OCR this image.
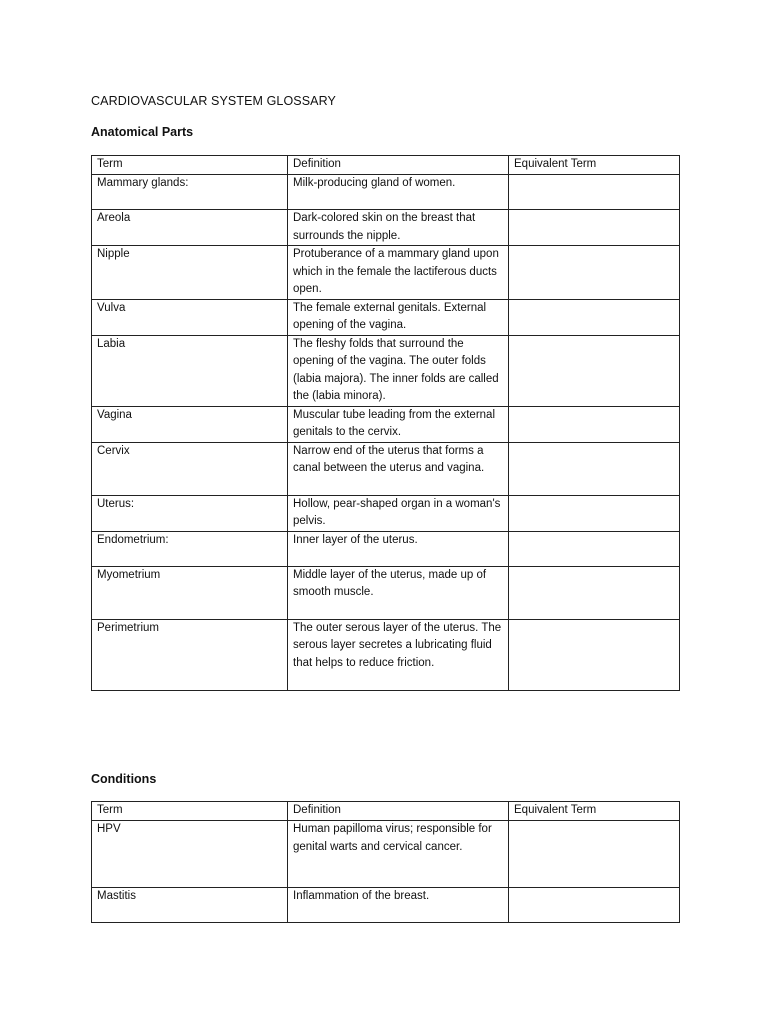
CARDIOVASCULAR SYSTEM GLOSSARY
Anatomical Parts
Term	Definition	Equivalent Term
Mammary glands:	Milk-producing gland of women.	
Areola	Dark-colored skin on the breast that surrounds the nipple.	
Nipple	Protuberance of a mammary gland upon which in the female the lactiferous ducts open.	
Vulva	The female external genitals. External opening of the vagina.	
Labia	The fleshy folds that surround the opening of the vagina. The outer folds (labia majora). The inner folds are called the (labia minora).	
Vagina	Muscular tube leading from the external genitals to the cervix.	
Cervix	Narrow end of the uterus that forms a canal between the uterus and vagina.	
Uterus:	Hollow, pear-shaped organ in a woman's pelvis.	
Endometrium:	Inner layer of the uterus.	
Myometrium	Middle layer of the uterus, made up of smooth muscle.	
Perimetrium	The outer serous layer of the uterus. The serous layer secretes a lubricating fluid that helps to reduce friction.	
Conditions
Term	Definition	Equivalent Term
HPV	Human papilloma virus; responsible for genital warts and cervical cancer.	
Mastitis	Inflammation of the breast.	
